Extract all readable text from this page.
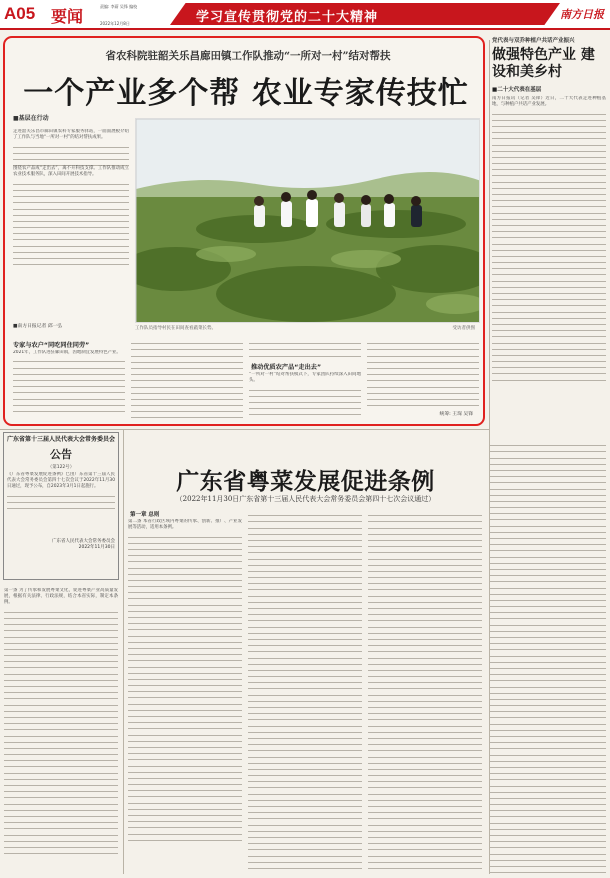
A05 要闻
责编: 李蔚 吴锋 编校
2022年12月8日	学习宣传贯彻党的二十大精神	南方日报
省农科院驻韶关乐昌廊田镇工作队推动“一所对一村”结对帮扶
一个产业多个帮 农业专家传技忙
■基层在行动
走进韶关乐昌市廊田镇农科专家服务驿站，一面面展板介绍了工作队与当地“一所对一村”的结对帮扶成果。
围绕农产品成“走出去”，离不开科技支撑。工作队推动成立农业技术服务队，深入田间开展技术指导。
■南方日报记者 邱一弘	工作队员指导村民在田间查看蔬菜长势。	受访者供图
专家与农户“同吃同住同劳”
2021年，工作队进驻廊田镇，因地制宜发展特色产业。
推动优质农产品“走出去”
“一所对一村”结对帮扶模式下，专家团队持续深入田间地头。
统筹: 王琛 吴锋
党代表与双乔种植户共话产业振兴
做强特色产业 建设和美乡村
■二十大代表在基层
南方日报讯（记者 吴锋）近日，二十大代表走进种植基地，与种植户共话产业发展。
广东省第十三届人民代表大会常务委员会
公告
（第122号）
《广东省粤菜发展促进条例》已由广东省第十三届人民代表大会常务委员会第四十七次会议于2022年11月30日通过，现予公布，自2023年3月1日起施行。
广东省人民代表大会常务委员会
2022年11月30日
第一条 为了传承和发展粤菜文化，促进粤菜产业高质量发展，根据有关法律、行政法规，结合本省实际，制定本条例。
广东省粤菜发展促进条例
（2022年11月30日广东省第十三届人民代表大会常务委员会第四十七次会议通过）
第一章 总则
第二条 本省行政区域内粤菜的传承、创新、推广、产业发展等活动，适用本条例。
